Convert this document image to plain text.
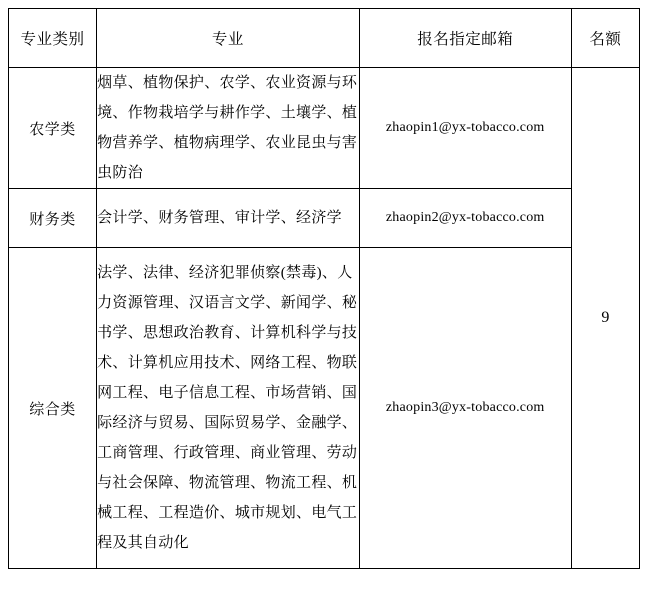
专业类别	专业	报名指定邮箱	名额
农学类	烟草、植物保护、农学、农业资源与环境、作物栽培学与耕作学、土壤学、植物营养学、植物病理学、农业昆虫与害虫防治	zhaopin1@yx-tobacco.com	9
财务类	会计学、财务管理、审计学、经济学	zhaopin2@yx-tobacco.com	
综合类	法学、法律、经济犯罪侦察(禁毒)、人力资源管理、汉语言文学、新闻学、秘书学、思想政治教育、计算机科学与技术、计算机应用技术、网络工程、物联网工程、电子信息工程、市场营销、国际经济与贸易、国际贸易学、金融学、工商管理、行政管理、商业管理、劳动与社会保障、物流管理、物流工程、机械工程、工程造价、城市规划、电气工程及其自动化	zhaopin3@yx-tobacco.com	
